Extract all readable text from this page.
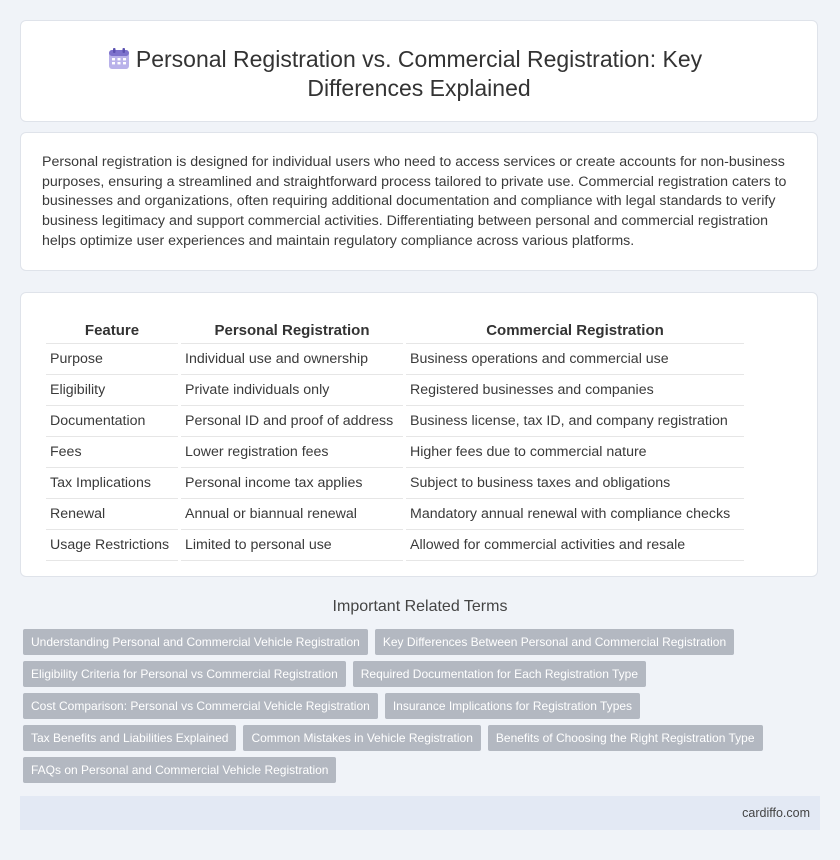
Personal Registration vs. Commercial Registration: Key Differences Explained

Personal registration is designed for individual users who need to access services or create accounts for non-business purposes, ensuring a streamlined and straightforward process tailored to private use. Commercial registration caters to businesses and organizations, often requiring additional documentation and compliance with legal standards to verify business legitimacy and support commercial activities. Differentiating between personal and commercial registration helps optimize user experiences and maintain regulatory compliance across various platforms.

Feature	Personal Registration	Commercial Registration
Purpose	Individual use and ownership	Business operations and commercial use
Eligibility	Private individuals only	Registered businesses and companies
Documentation	Personal ID and proof of address	Business license, tax ID, and company registration
Fees	Lower registration fees	Higher fees due to commercial nature
Tax Implications	Personal income tax applies	Subject to business taxes and obligations
Renewal	Annual or biannual renewal	Mandatory annual renewal with compliance checks
Usage Restrictions	Limited to personal use	Allowed for commercial activities and resale
Important Related Terms
Understanding Personal and Commercial Vehicle Registration	Key Differences Between Personal and Commercial Registration
Eligibility Criteria for Personal vs Commercial Registration	Required Documentation for Each Registration Type
Cost Comparison: Personal vs Commercial Vehicle Registration	Insurance Implications for Registration Types
Tax Benefits and Liabilities Explained	Common Mistakes in Vehicle Registration	Benefits of Choosing the Right Registration Type
FAQs on Personal and Commercial Vehicle Registration
cardiffo.com
